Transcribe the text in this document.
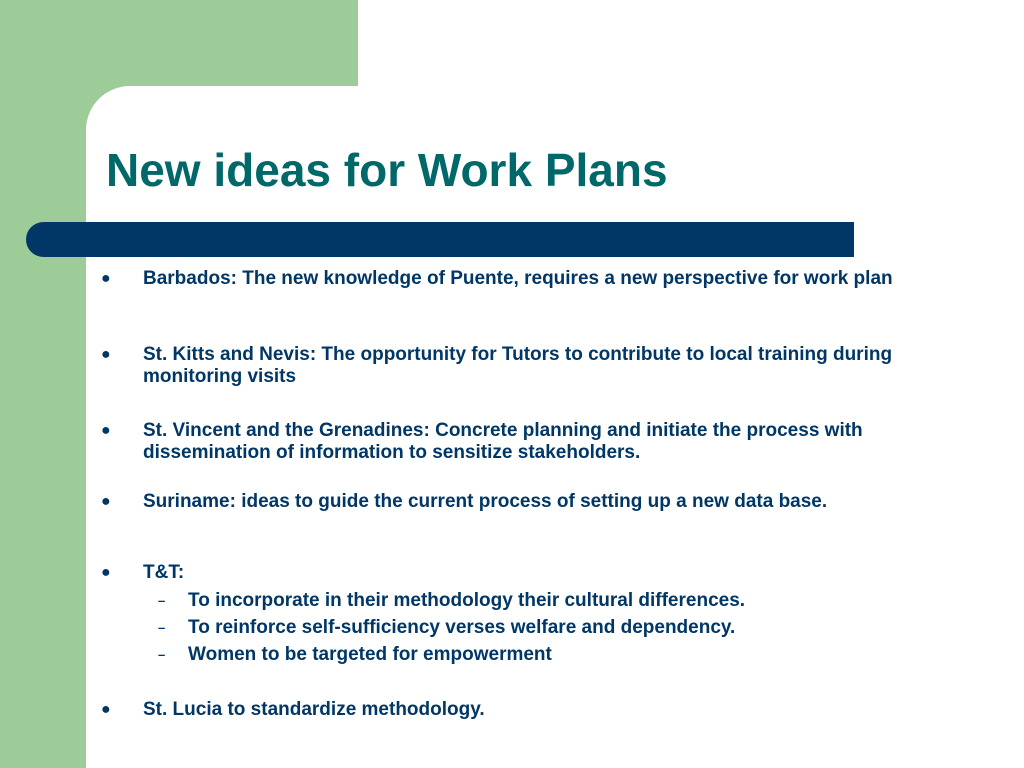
New ideas for Work Plans
● Barbados: The new knowledge of Puente, requires a new perspective for work plan
● St. Kitts and Nevis: The opportunity for Tutors to contribute to local training during monitoring visits
● St. Vincent and the Grenadines: Concrete planning and initiate the process with dissemination of information to sensitize stakeholders.
● Suriname: ideas to guide the current process of setting up a new data base.
● T&T:
– To incorporate in their methodology their cultural differences.
– To reinforce self-sufficiency verses welfare and dependency.
– Women to be targeted for empowerment
● St. Lucia to standardize methodology.
